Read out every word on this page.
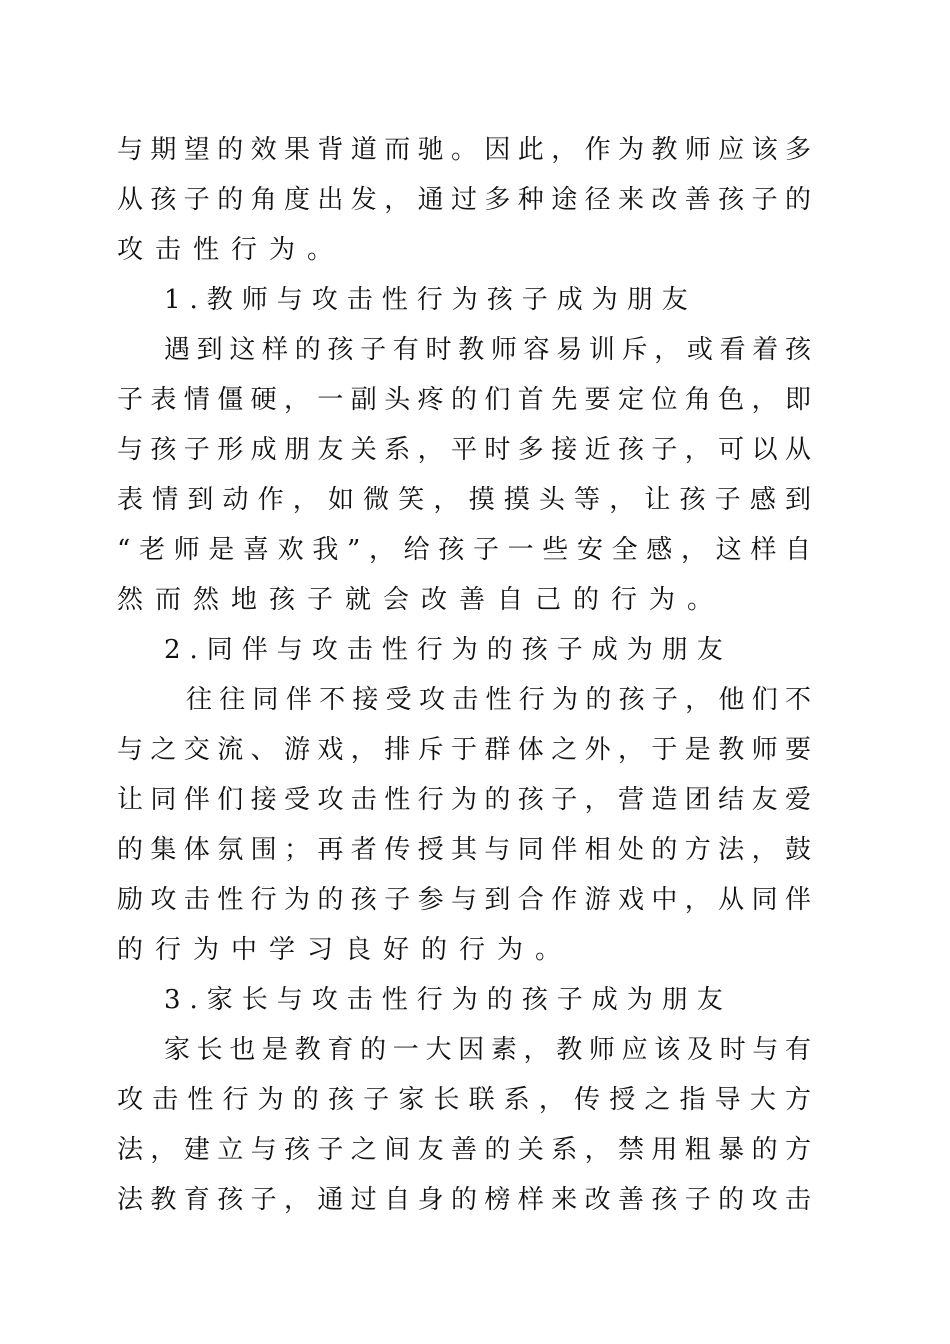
与期望的效果背道而驰。因此，作为教师应该多
从孩子的角度出发，通过多种途径来改善孩子的
攻击性行为。
1.教师与攻击性行为孩子成为朋友
遇到这样的孩子有时教师容易训斥，或看着孩
子表情僵硬，一副头疼的们首先要定位角色，即
与孩子形成朋友关系，平时多接近孩子，可以从
表情到动作，如微笑，摸摸头等，让孩子感到
“老师是喜欢我”，给孩子一些安全感，这样自
然而然地孩子就会改善自己的行为。
2.同伴与攻击性行为的孩子成为朋友
往往同伴不接受攻击性行为的孩子，他们不
与之交流、游戏，排斥于群体之外，于是教师要
让同伴们接受攻击性行为的孩子，营造团结友爱
的集体氛围；再者传授其与同伴相处的方法，鼓
励攻击性行为的孩子参与到合作游戏中，从同伴
的行为中学习良好的行为。
3.家长与攻击性行为的孩子成为朋友
家长也是教育的一大因素，教师应该及时与有
攻击性行为的孩子家长联系，传授之指导大方
法，建立与孩子之间友善的关系，禁用粗暴的方
法教育孩子，通过自身的榜样来改善孩子的攻击
